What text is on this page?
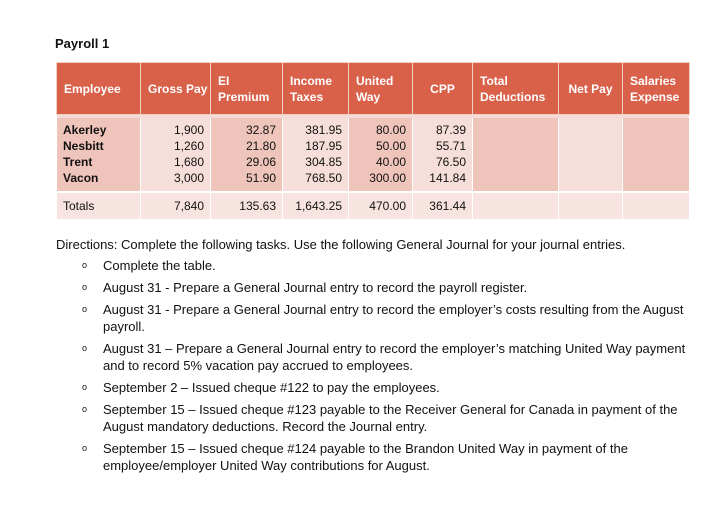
Payroll 1
Employee	Gross Pay	EI Premium	Income Taxes	United Way	CPP	Total Deductions	Net Pay	Salaries Expense

Akerley	1,900	32.87	381.95	80.00	87.39			
Nesbitt	1,260	21.80	187.95	50.00	55.71			
Trent	1,680	29.06	304.85	40.00	76.50			
Vacon	3,000	51.90	768.50	300.00	141.84			
Totals	7,840	135.63	1,643.25	470.00	361.44			
Directions: Complete the following tasks. Use the following General Journal for your journal entries.
o Complete the table.
o August 31 - Prepare a General Journal entry to record the payroll register.
o August 31 - Prepare a General Journal entry to record the employer’s costs resulting from the August payroll.
o August 31 – Prepare a General Journal entry to record the employer’s matching United Way payment and to record 5% vacation pay accrued to employees.
o September 2 – Issued cheque #122 to pay the employees.
o September 15 – Issued cheque #123 payable to the Receiver General for Canada in payment of the August mandatory deductions. Record the Journal entry.
o September 15 – Issued cheque #124 payable to the Brandon United Way in payment of the employee/employer United Way contributions for August.
